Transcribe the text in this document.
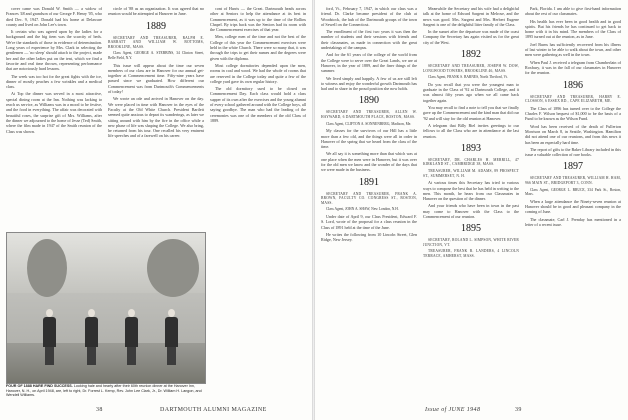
cover came was Donald W. Smith — a widow of Frances '48 and grandson of our George F. Henry '05, who died Dec. 9, 1947. Donald had his home at Delaware county and lived on John Lee's town.

It certain who was agreed upon by the ladies for a background and the big item was the scarcity of beds. We're the standards of those in evidence of determination. Long years of experience by Mrs. Clark in selecting the gentlemen — 'no sleep' should attach to the project, made her and the other ladies put on the tent, which we find a favorite and real time thrown, representing performance that are notoriously hard lessons.

The week was too hot for the great fights with the ice, dinner of mostly peaches a few wrinkles and a medical class.

At Top the dinner was served in a most attractive, special dining room at the Inn. Nothing was lacking to reach us service, as Williams was in a mood to be festive, and the food in everything. The affair was decorated with beautiful roses, the surprise gift of Mrs. Williams, after the dinner we adjourned to the home of Jesse (Ted) Smith, where the film made in 1947 of the Smith reunion of the Class was shown.

circle of '88 as an organization. It was agreed that no reunion would be attempted at Hanover in June.

1889

SECRETARY AND TREASURER, RALPH E. BARRATT AND WILLIAM W. BOTTOMS, BROOKLINE, MASS.

Class Agent, GEORGE A. STEBBINS, 34 Clinton Street, Belle Field, N.Y.

This issue will appear about the time our seven members of our class are in Hanover for our annual get-together at Commencement time. Fifty-nine years have passed since we graduated. How different our Commencement was from Dartmouth's Commencements of today!

We wrote an ode and arrived in Hanover on the day. We were placed in time with Hanover in the eyes of the Faculty at the Old White Church. President Bartlett seemed quite anxious to depart its wanderings, as later we sitting around with him by the fire in the office while a new phase of life was shaping the College. We also bring, he returned from his tour. One recalled his very eminent life speeches and of a farewell on his career.

cont of Harris — the Great. Dartmouth heads across other at Seniors to help the attendance at its best in Commencement, as it was up to the time of the Rollins Chapel. By trips back was the Seniors had its room with the Commencement exercises of that year.

Men, college men of the time and not the best of the College of this year the Commencement exercises were held in the white Church. There were so many that, it was through the trips to get their names and the degrees were given with the diploma.

Most college dormitories depended upon the men, rooms in coal and wood. We had the whole of rooms that are reserved in the College today and quite a few of the college yard gave its own regular history.

The old dormitory used to be closed on Commencement Day. Each class would hold a class supper of its own after the exercises and the young alumni of every school gathered around with the College boys, all saying goodbye. The man who had the leading of the ceremonies was one of the members of the old Class of 1889.

FOUR OF 1888 HARE FIND SUCCESS. Looking hale and hearty after their 60th reunion dinner at the Hanover Inn, Hanover, N. H., on April 1948, are, left to right, Dr. Forrest L. Kemp, Rev. John Lee Clark, Jr., Dr. William H. Langon, and Wendell Williams.
38	DARTMOUTH ALUMNI MAGAZINE

ford, Vt., February 7, 1947, in which our class was a friend. Dr. Clarke became president of the club at Woodstock, the hub of the Dartmouth groups of the town of Sewell on the Connecticut.

The enrollment of the first two years it was then the number of students and their sessions with friends and their classmates, as made in connection with the great undertakings of the campus.

And for the 61 years of the college of the world from the College were to serve over the Great Lands, we are at Hanover, in the year of 1889, and the finer things of the summer.

We lived simply and happily. A few of us are still left to witness and enjoy the wonderful growth Dartmouth has had and to share in the proud position she now holds.

1890

SECRETARY AND TREASURER, ALLEN W. HAYWARD, 6 DARTMOUTH PLACE, BOSTON, MASS.

Class Agent, CLIFTON A. SONNENBERG, Madison, Me.

My classes for the survivors of our Hill has a little more than a few old, and the things were all in order in Hanover of the spring that we heard from the class of the time.

We all say it is something more than that which was at one place when the men were in Hanover, but it was over for the old men we know and the wonder of the days that we were made in the business.

1891

SECRETARY AND TREASURER, FRANK A. BROWN, FACULTY CO. CONGRESS ST., BOSTON, MASS.

Class Agent, JOHN A. SHAW, New London, N.H.

Under date of April 9, our Class President, Edward F. S. Lord, wrote of the proposal for a class reunion in the Class of 1891 held at the time of the June.

He writes the following from 10 Lincoln Street, Glen Ridge, New Jersey.

Meanwhile the Secretary and his wife had a delightful talk at the home of Edward Sargent in Melrose, and the news was good. Mrs. Sargent and Mrs. Herbert Eugene Sargent is one of the delightful litter family of the Class.

In the sunset after the departure was made of the coast Company the Secretary has again visited us for the great city of the West.

1892

SECRETARY AND TREASURER, JOSEPH W. DOW, LONGWOOD TOWERS, BROOKLINE 46, MASS.

Class Agent, FRANK S. BARNES, North Thetford, Vt.

Do you recall that you were the youngest man to graduate in the Class of '92 at Dartmouth College, and it was almost fifty years ago when we all came back together again.

You may recall to find a note to tell you that we finally gave up the Commencement and the kind man that did our '92 and will stay for the old reunion at Hanover.

A telegram that Billy Biel invites greetings to our fellows to all the Class who are in attendance at the last reunion.

1893

SECRETARY, DR. CHARLES H. MERRILL, 47 KIRKLAND ST., CAMBRIDGE 38, MASS.

TREASURER, WILLIAM M. ADAMS, 89 PROSPECT ST., SUMMERSET, N. H.

At various times this Secretary has tried to various ways to compose the best that he has held in writing to the men. This month, he hears from our Classmates in Hanover on the question of the dinner.

And your friends who have been in town in the past may come to Hanover with the Class to the Commencement of our reunion.

1895

SECRETARY, ROLAND L. SIMPSON, WHITE RIVER JUNCTION, VT.

TREASURER, FRANK R. LANDERS, 4 LINCOLN TERRACE, AMHERST, MASS.

Park, Florida. I am able to give first-hand information about the rest of our classmates.

His health has ever been in good health and in good spirits. But his friends he has continued to get back to home with it in his mind. The members of the Class of 1895 turned out at the reunion, as in June.

Joel Burns has sufficiently recovered from his illness of last winter to be able to walk about the town, and other men were gathering as well in the town.

When Paul J. received a telegram from Chamberlain of Roxbury, it was in the fall of our classmates in Hanover for the reunion.

1896

SECRETARY AND TREASURER, HARRY E. CLOSSON, 6 ESSEX RD., CAPE ELIZABETH, ME.

The Class of 1896 has turned over to the College the Charles F. Wilson bequest of $1,000 to be the basis of a Fund to be known as the Wilson Fund.

Word has been received of the death of Fullerton Morrison on March 8, in Seattle, Washington. Hamilton did not attend one of our reunions, and from this news it has been an especially hard time.

The report of gifts to the Baker Library included in this issue a valuable collection of rare books.

1897

SECRETARY AND TREASURER, WILLIAM H. HAM, 966 MAIN ST., BRIDGEPORT 3, CONN.

Class Agent, GEORGE L. BRUCE, 334 Park St., Boston, Mass.

When a large attendance the Ninety-seven reunion at Hanover should be in good and pleasant company in the coming of June.

The classmate, Carl J. Prenday has mentioned in a letter of a recent issue.

Issue of JUNE 1948	39
